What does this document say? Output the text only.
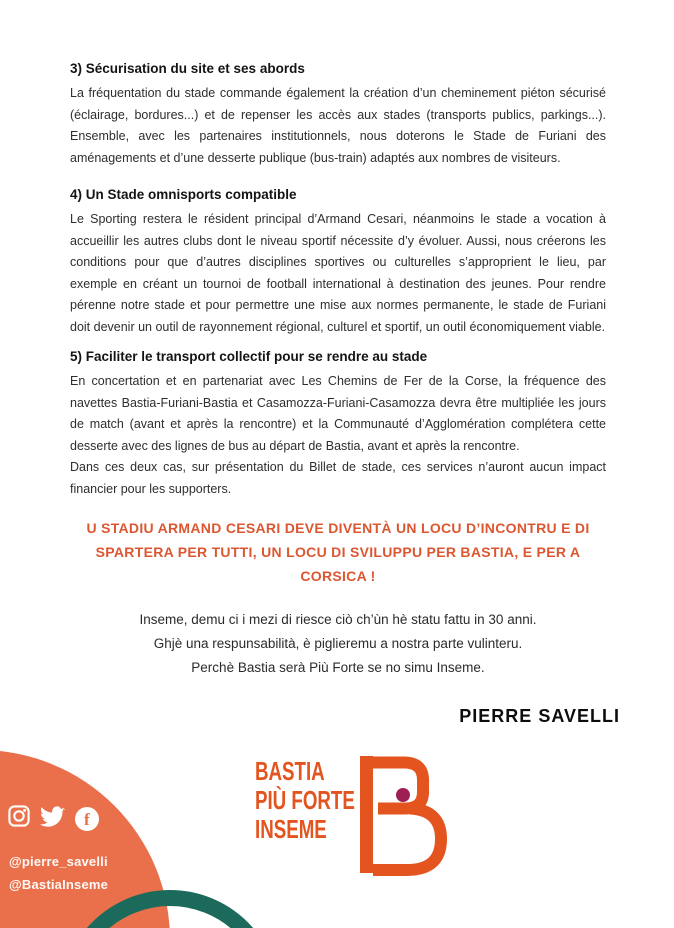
3) Sécurisation du site et ses abords

La fréquentation du stade commande également la création d’un cheminement piéton sécurisé (éclairage, bordures...) et de repenser les accès aux stades (transports publics, parkings...). Ensemble, avec les partenaires institutionnels, nous doterons le Stade de Furiani des aménagements et d’une desserte publique (bus-train) adaptés aux nombres de visiteurs.

4) Un Stade omnisports compatible

Le Sporting restera le résident principal d’Armand Cesari, néanmoins le stade a vocation à accueillir les autres clubs dont le niveau sportif nécessite d’y évoluer. Aussi, nous créerons les conditions pour que d’autres disciplines sportives ou culturelles s’approprient le lieu, par exemple en créant un tournoi de football international à destination des jeunes. Pour rendre pérenne notre stade et pour permettre une mise aux normes permanente, le stade de Furiani doit devenir un outil de rayonnement régional, culturel et sportif, un outil économiquement viable.

5) Faciliter le transport collectif pour se rendre au stade

En concertation et en partenariat avec Les Chemins de Fer de la Corse, la fréquence des navettes Bastia-Furiani-Bastia et Casamozza-Furiani-Casamozza devra être multipliée les jours de match (avant et après la rencontre) et la Communauté d’Agglomération complétera cette desserte avec des lignes de bus au départ de Bastia, avant et après la rencontre.

Dans ces deux cas, sur présentation du Billet de stade, ces services n’auront aucun impact financier pour les supporters.

U STADIU ARMAND CESARI DEVE DIVENTÀ UN LOCU D’INCONTRU E DI
SPARTERA PER TUTTI, UN LOCU DI SVILUPPU PER BASTIA, E PER A CORSICA !
Inseme, demu ci i mezi di riesce ciò ch’ùn hè statu fattu in 30 anni.
Ghjè una respunsabilità, è piglieremu a nostra parte vulinteru.
Perchè Bastia serà Più Forte se no simu Inseme.
PIERRE SAVELLI
BASTIA
PIÙ FORTE
INSEME
f
@pierre_savelli
@BastiaInseme
